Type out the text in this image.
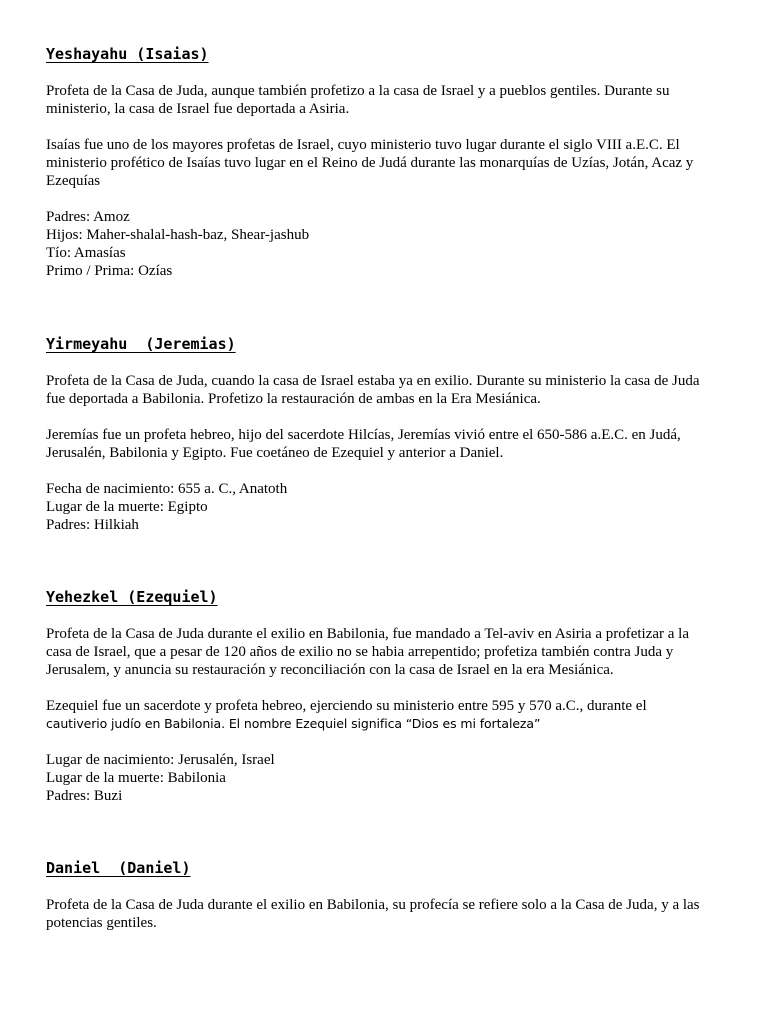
Yeshayahu (Isaias)

Profeta de la Casa de Juda, aunque también profetizo a la casa de Israel y a pueblos gentiles. Durante su
ministerio, la casa de Israel fue deportada a Asiria.

Isaías fue uno de los mayores profetas de Israel, cuyo ministerio tuvo lugar durante el siglo VIII a.E.C. El
ministerio profético de Isaías tuvo lugar en el Reino de Judá durante las monarquías de Uzías, Jotán, Acaz y
Ezequías

Padres: Amoz
Hijos: Maher-shalal-hash-baz, Shear-jashub
Tío: Amasías
Primo / Prima: Ozías

Yirmeyahu  (Jeremias)

Profeta de la Casa de Juda, cuando la casa de Israel estaba ya en exilio. Durante su ministerio la casa de Juda
fue deportada a Babilonia. Profetizo la restauración de ambas en la Era Mesiánica.

Jeremías fue un profeta hebreo, hijo del sacerdote Hilcías, Jeremías vivió entre el 650-586 a.E.C. en Judá,
Jerusalén, Babilonia y Egipto. Fue coetáneo de Ezequiel y anterior a Daniel.

Fecha de nacimiento: 655 a. C., Anatoth
Lugar de la muerte: Egipto
Padres: Hilkiah

Yehezkel (Ezequiel)

Profeta de la Casa de Juda durante el exilio en Babilonia, fue mandado a Tel-aviv en Asiria a profetizar a la
casa de Israel, que a pesar de 120 años de exilio no se habia arrepentido; profetiza también contra Juda y
Jerusalem, y anuncia su restauración y reconciliación con la casa de Israel en la era Mesiánica.

Ezequiel fue un sacerdote y profeta hebreo, ejerciendo su ministerio entre 595 y 570 a.C., durante el
cautiverio judío en Babilonia. El nombre Ezequiel significa “Dios es mi fortaleza”

Lugar de nacimiento: Jerusalén, Israel
Lugar de la muerte: Babilonia
Padres: Buzi

Daniel  (Daniel)

Profeta de la Casa de Juda durante el exilio en Babilonia, su profecía se refiere solo a la Casa de Juda, y a las
potencias gentiles.
